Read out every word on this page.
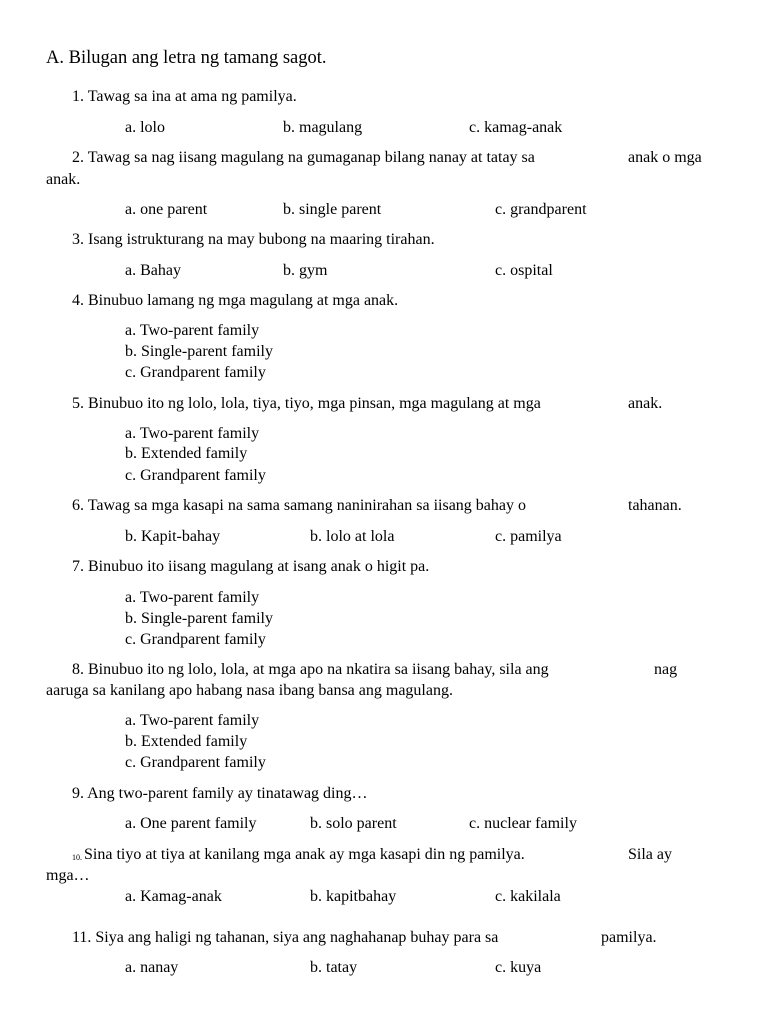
A. Bilugan ang letra ng tamang sagot.
1. Tawag sa ina at ama ng pamilya.
a. lolo	b. magulang	c. kamag-anak
2. Tawag sa nag iisang magulang na gumaganap bilang nanay at tatay sa	anak o mga
anak.
a. one parent	b. single parent	c. grandparent
3. Isang istrukturang na may bubong na maaring tirahan.
a. Bahay	b. gym	c. ospital
4. Binubuo lamang ng mga magulang at mga anak.
a. Two-parent family
b. Single-parent family
c. Grandparent family
5. Binubuo ito ng lolo, lola, tiya, tiyo, mga pinsan, mga magulang at mga	anak.
a. Two-parent family
b. Extended family
c. Grandparent family
6. Tawag sa mga kasapi na sama samang naninirahan sa iisang bahay o	tahanan.
b. Kapit-bahay	b. lolo at lola	c. pamilya
7. Binubuo ito iisang magulang at isang anak o higit pa.
a. Two-parent family
b. Single-parent family
c. Grandparent family
8. Binubuo ito ng lolo, lola, at mga apo na nkatira sa iisang bahay, sila ang	nag
aaruga sa kanilang apo habang nasa ibang bansa ang magulang.
a. Two-parent family
b. Extended family
c. Grandparent family
9. Ang two-parent family ay tinatawag ding…
a. One parent family	b. solo parent	c. nuclear family
10. Sina tiyo at tiya at kanilang mga anak ay mga kasapi din ng pamilya.	Sila ay
mga…
a. Kamag-anak	b. kapitbahay	c. kakilala
11. Siya ang haligi ng tahanan, siya ang naghahanap buhay para sa	pamilya.
a. nanay	b. tatay	c. kuya
